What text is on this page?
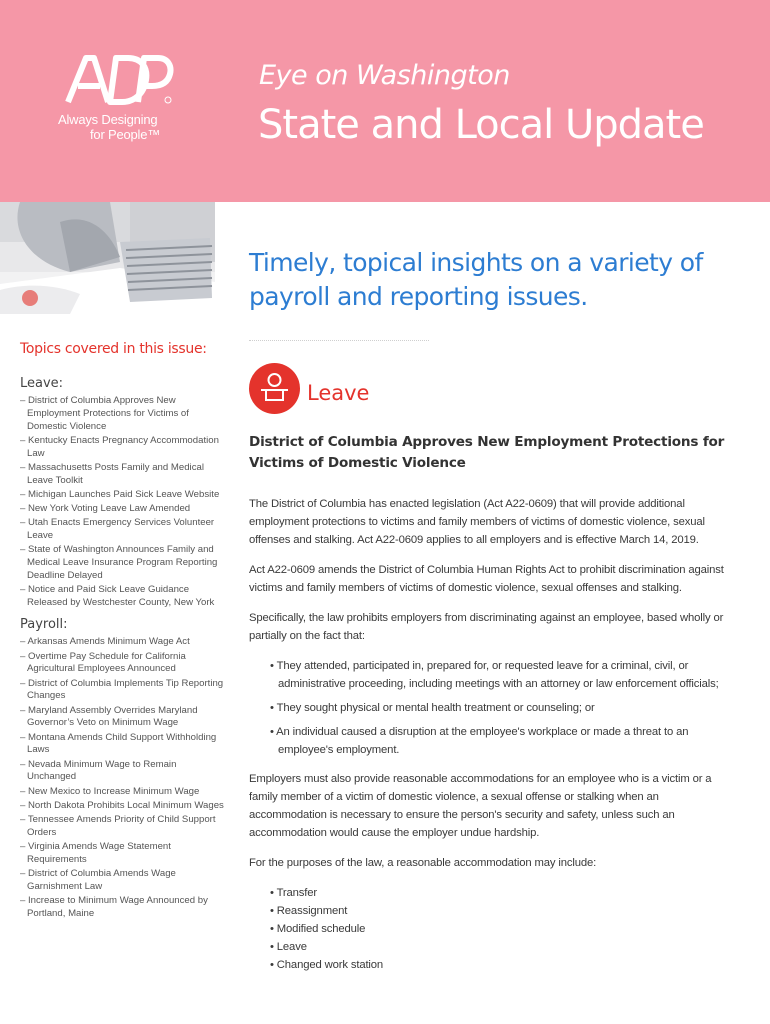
Always Designing
for People™
Eye on Washington
State and Local Update
Timely, topical insights on a variety of payroll and reporting issues.
Topics covered in this issue:
Leave:
– District of Columbia Approves New Employment Protections for Victims of Domestic Violence
– Kentucky Enacts Pregnancy Accommodation Law
– Massachusetts Posts Family and Medical Leave Toolkit
– Michigan Launches Paid Sick Leave Website
– New York Voting Leave Law Amended
– Utah Enacts Emergency Services Volunteer Leave
– State of Washington Announces Family and Medical Leave Insurance Program Reporting Deadline Delayed
– Notice and Paid Sick Leave Guidance Released by Westchester County, New York
Payroll:
– Arkansas Amends Minimum Wage Act
– Overtime Pay Schedule for California Agricultural Employees Announced
– District of Columbia Implements Tip Reporting Changes
– Maryland Assembly Overrides Maryland Governor’s Veto on Minimum Wage
– Montana Amends Child Support Withholding Laws
– Nevada Minimum Wage to Remain Unchanged
– New Mexico to Increase Minimum Wage
– North Dakota Prohibits Local Minimum Wages
– Tennessee Amends Priority of Child Support Orders
– Virginia Amends Wage Statement Requirements
– District of Columbia Amends Wage Garnishment Law
– Increase to Minimum Wage Announced by Portland, Maine
Leave
District of Columbia Approves New Employment Protections for Victims of Domestic Violence

The District of Columbia has enacted legislation (Act A22-0609) that will provide additional employment protections to victims and family members of victims of domestic violence, sexual offenses and stalking. Act A22-0609 applies to all employers and is effective March 14, 2019.

Act A22-0609 amends the District of Columbia Human Rights Act to prohibit discrimination against victims and family members of victims of domestic violence, sexual offenses and stalking.

Specifically, the law prohibits employers from discriminating against an employee, based wholly or partially on the fact that:

• They attended, participated in, prepared for, or requested leave for a criminal, civil, or administrative proceeding, including meetings with an attorney or law enforcement officials;
• They sought physical or mental health treatment or counseling; or
• An individual caused a disruption at the employee's workplace or made a threat to an employee's employment.

Employers must also provide reasonable accommodations for an employee who is a victim or a family member of a victim of domestic violence, a sexual offense or stalking when an accommodation is necessary to ensure the person's security and safety, unless such an accommodation would cause the employer undue hardship.

For the purposes of the law, a reasonable accommodation may include:

• Transfer
• Reassignment
• Modified schedule
• Leave
• Changed work station
